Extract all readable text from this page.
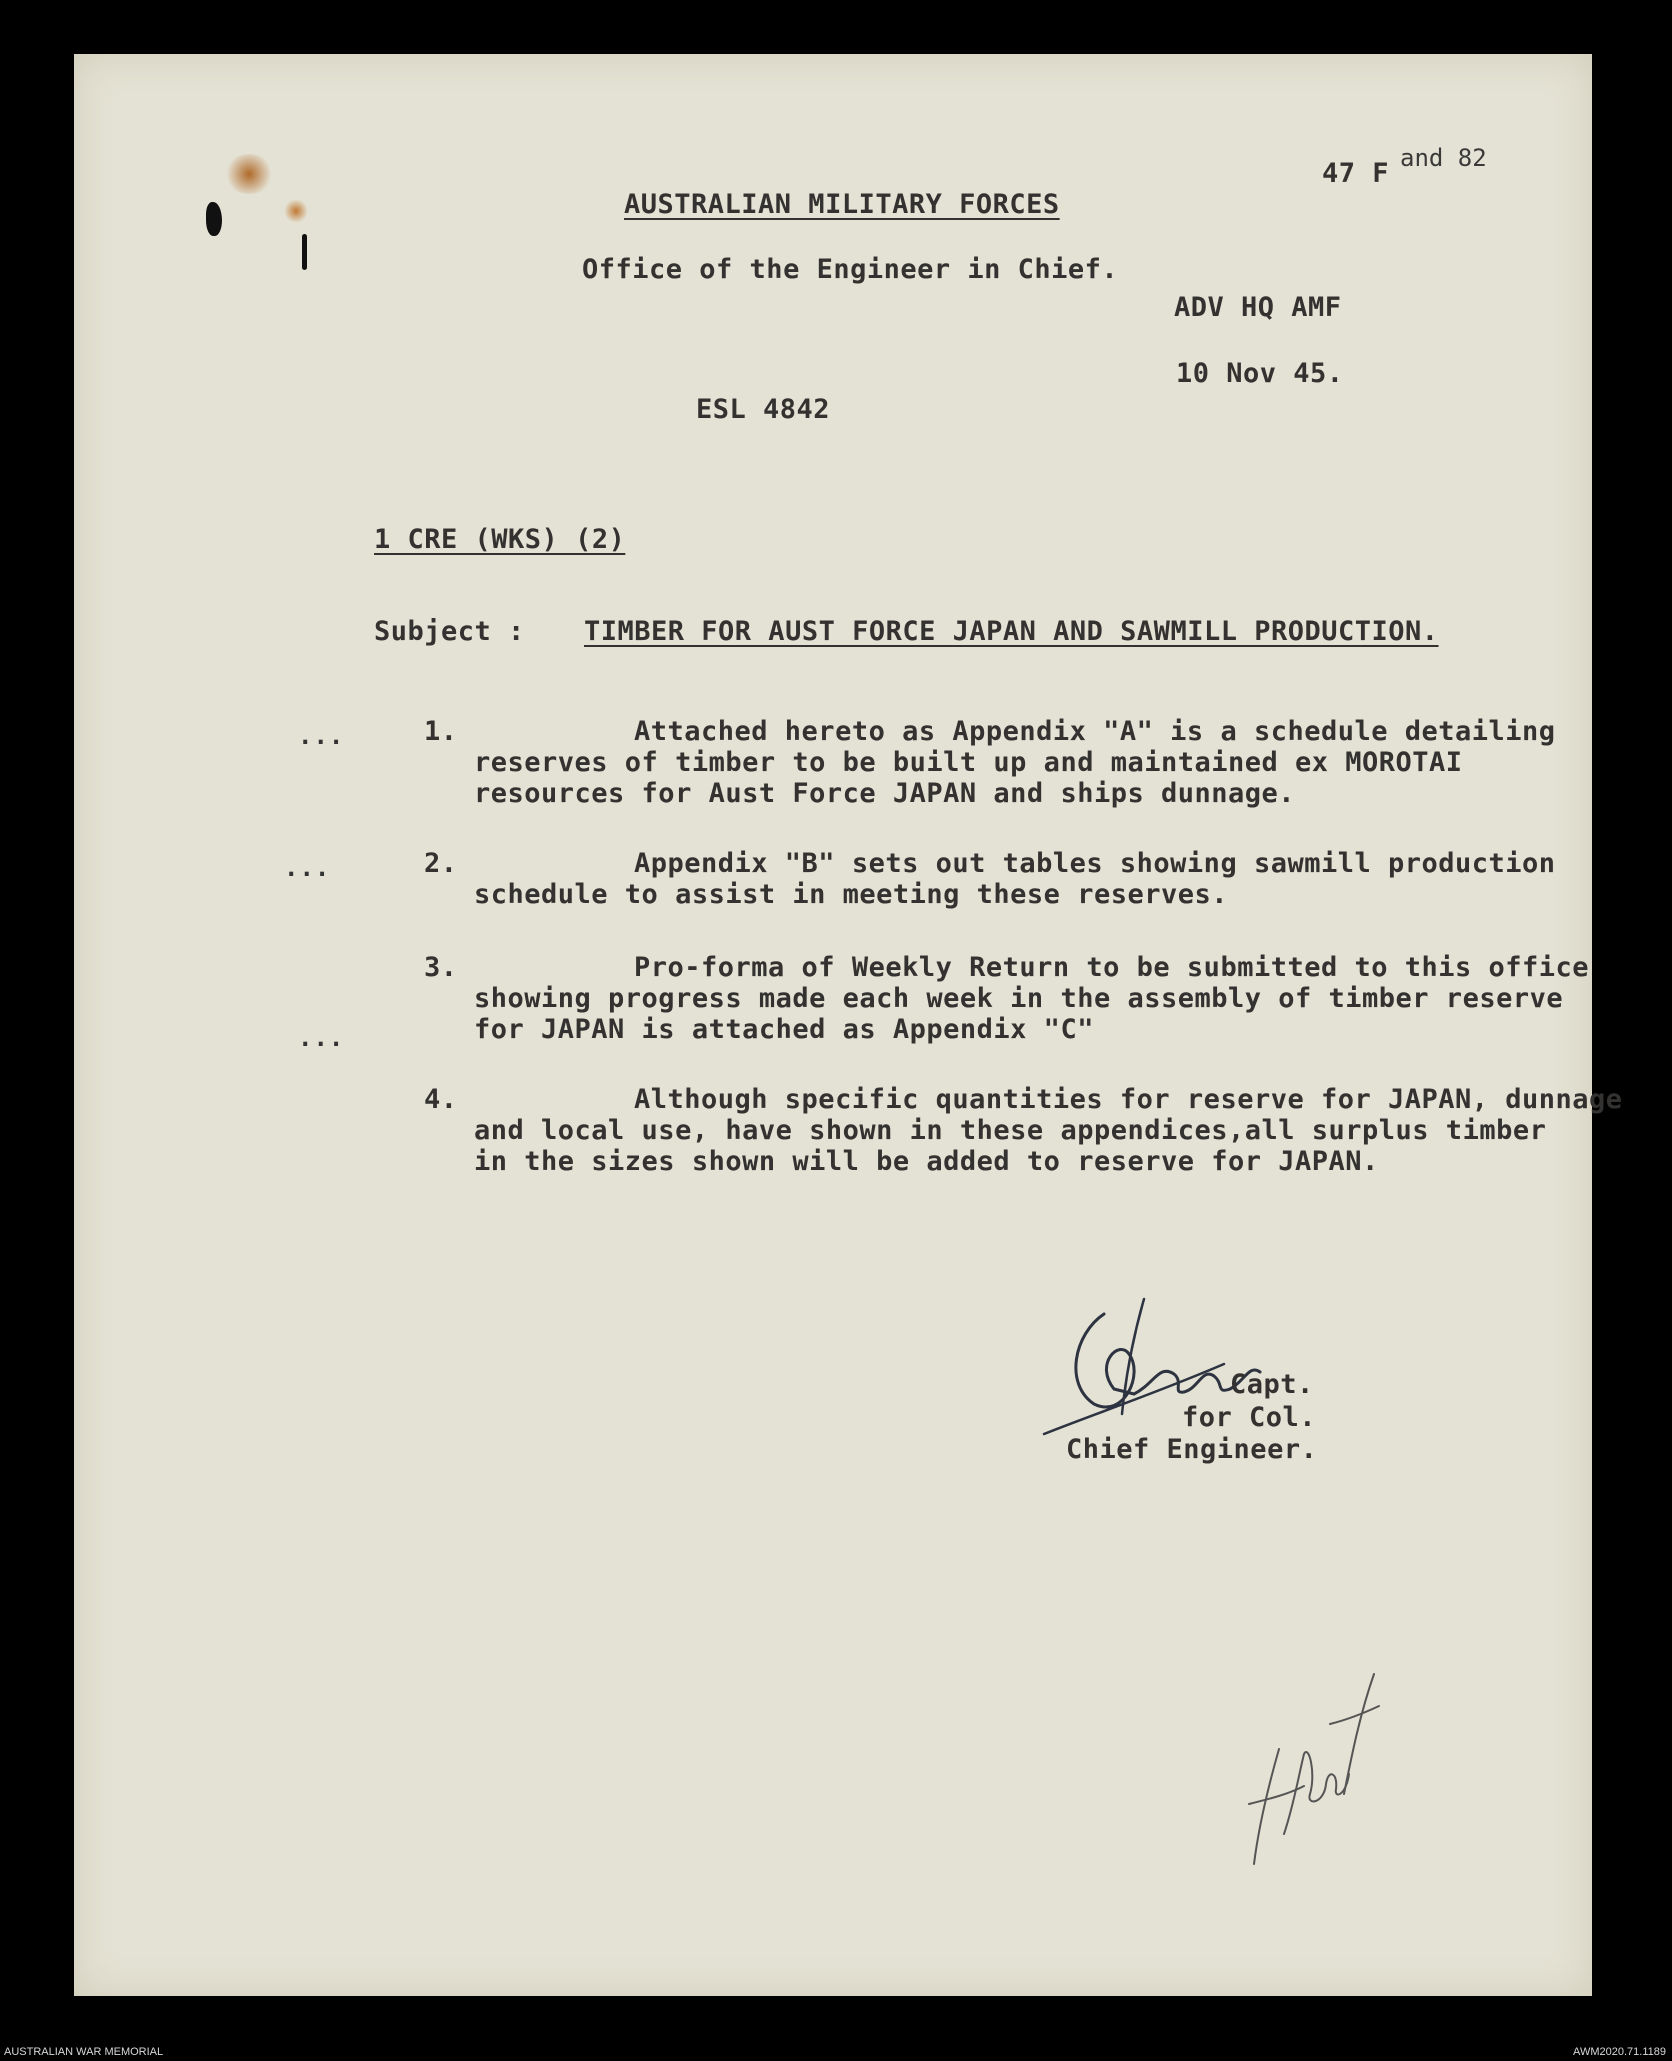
47 F and 82
AUSTRALIAN MILITARY FORCES
Office of the Engineer in Chief.
ADV HQ AMF
10 Nov 45.
ESL 4842
1 CRE (WKS) (2)
Subject : TIMBER FOR AUST FORCE JAPAN AND SAWMILL PRODUCTION.
...
...
...
1.	Attached hereto as Appendix "A" is a schedule detailing
reserves of timber to be built up and maintained ex MOROTAI
resources for Aust Force JAPAN and ships dunnage.
2.	Appendix "B" sets out tables showing sawmill production
schedule to assist in meeting these reserves.
3.	Pro-forma of Weekly Return to be submitted to this office
showing progress made each week in the assembly of timber reserve
for JAPAN is attached as Appendix "C"
4.	Although specific quantities for reserve for JAPAN, dunnage
and local use, have shown in these appendices,all surplus timber
in the sizes shown will be added to reserve for JAPAN.
Capt.
for Col.
Chief Engineer.
AUSTRALIAN WAR MEMORIAL	AWM2020.71.1189
